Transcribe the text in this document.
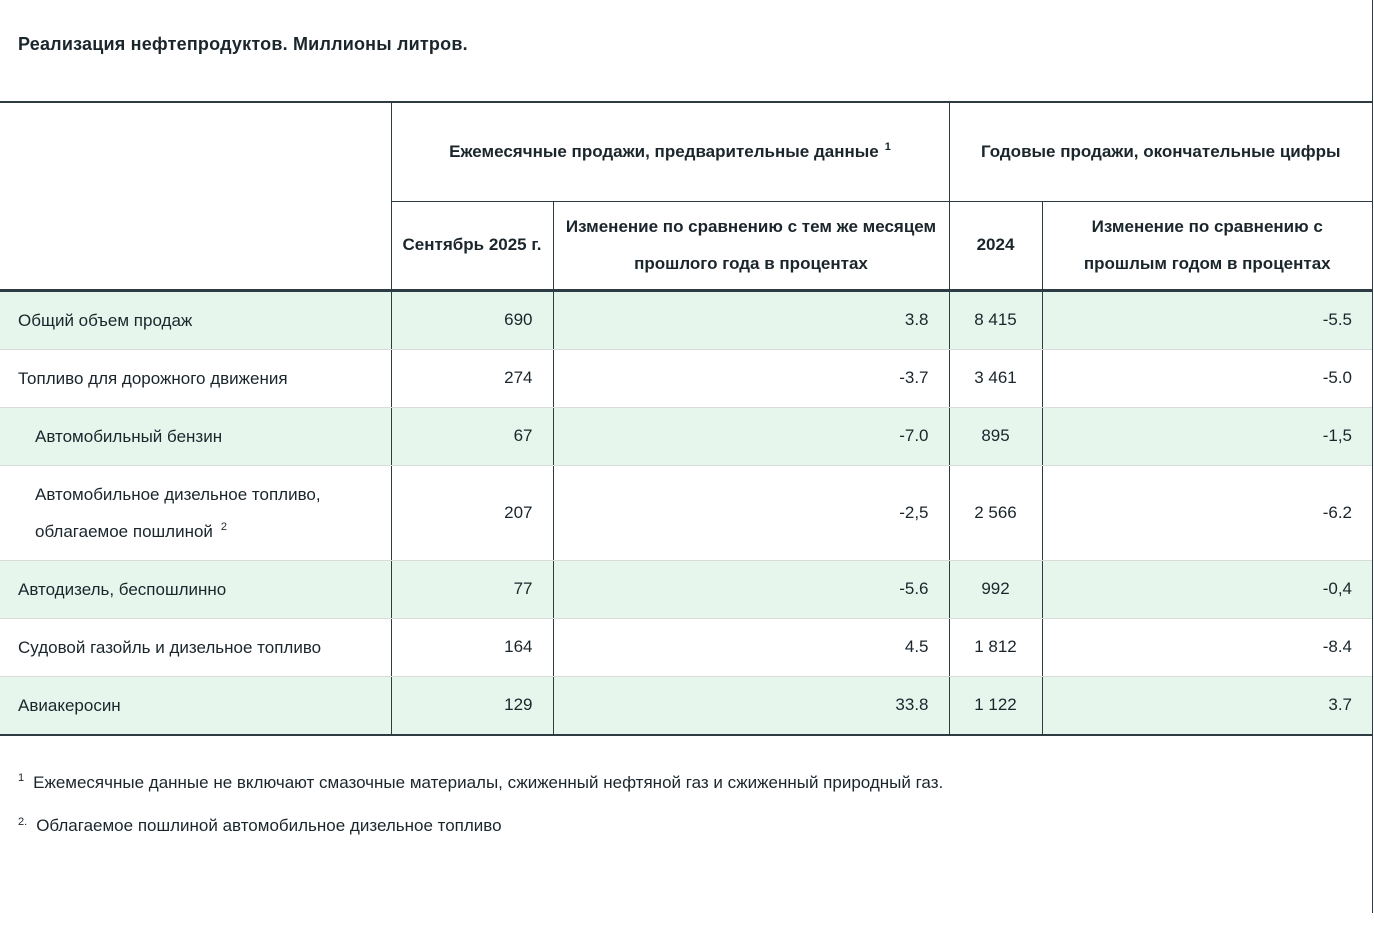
Реализация нефтепродуктов. Миллионы литров.
	Ежемесячные продажи, предварительные данные $^1$		Годовые продажи, окончательные цифры	
	Сентябрь 2025 г.	Изменение по сравнению с тем же месяцем прошлого года в процентах	2024	Изменение по сравнению с прошлым годом в процентах
Общий объем продаж	690	3.8	8 415	-5.5
Топливо для дорожного движения	274	-3.7	3 461	-5.0
Автомобильный бензин	67	-7.0	895	-1,5
Автомобильное дизельное топливо, облагаемое пошлиной $^2$	207	-2,5	2 566	-6.2
Автодизель, беспошлинно	77	-5.6	992	-0,4
Судовой газойль и дизельное топливо	164	4.5	1 812	-8.4
Авиакеросин	129	33.8	1 122	3.7

$^1$ Ежемесячные данные не включают смазочные материалы, сжиженный нефтяной газ и сжиженный природный газ.

$^{2.}$ Облагаемое пошлиной автомобильное дизельное топливо
